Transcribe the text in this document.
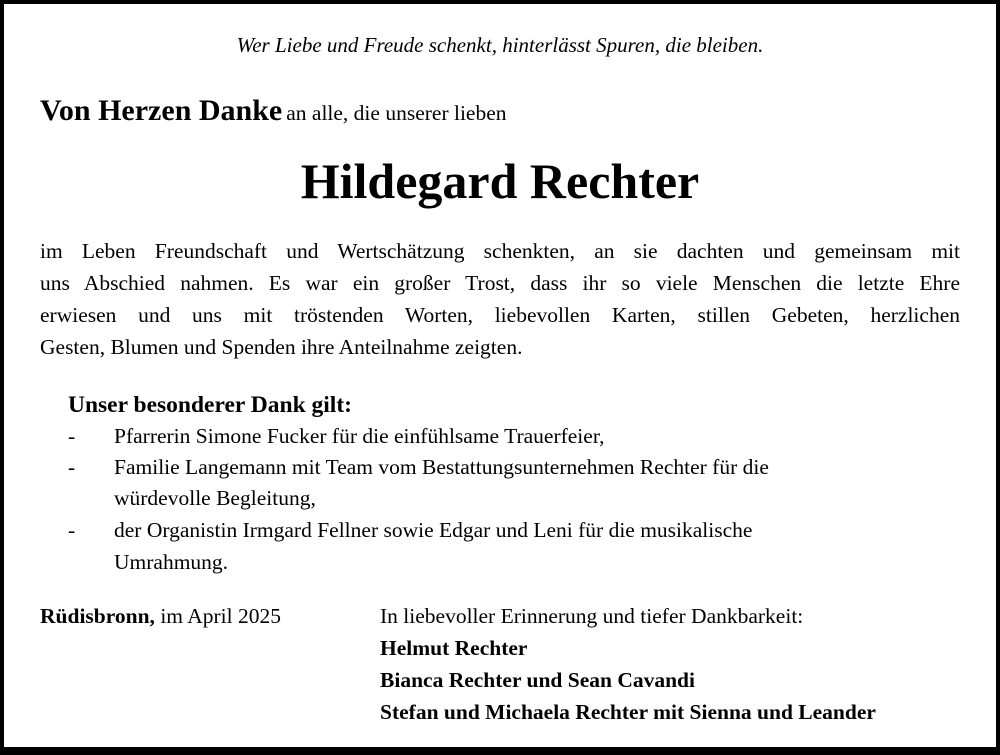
Wer Liebe und Freude schenkt, hinterlässt Spuren, die bleiben.
Von Herzen Danke an alle, die unserer lieben
Hildegard Rechter
im Leben Freundschaft und Wertschätzung schenkten, an sie dachten und gemeinsam mit
uns Abschied nahmen. Es war ein großer Trost, dass ihr so viele Menschen die letzte Ehre
erwiesen und uns mit tröstenden Worten, liebevollen Karten, stillen Gebeten, herzlichen
Gesten, Blumen und Spenden ihre Anteilnahme zeigten.
Unser besonderer Dank gilt:
- Pfarrerin Simone Fucker für die einfühlsame Trauerfeier,
- Familie Langemann mit Team vom Bestattungsunternehmen Rechter für die
würdevolle Begleitung,
- der Organistin Irmgard Fellner sowie Edgar und Leni für die musikalische
Umrahmung.
Rüdisbronn, im April 2025	In liebevoller Erinnerung und tiefer Dankbarkeit:
Helmut Rechter
Bianca Rechter und Sean Cavandi
Stefan und Michaela Rechter mit Sienna und Leander
